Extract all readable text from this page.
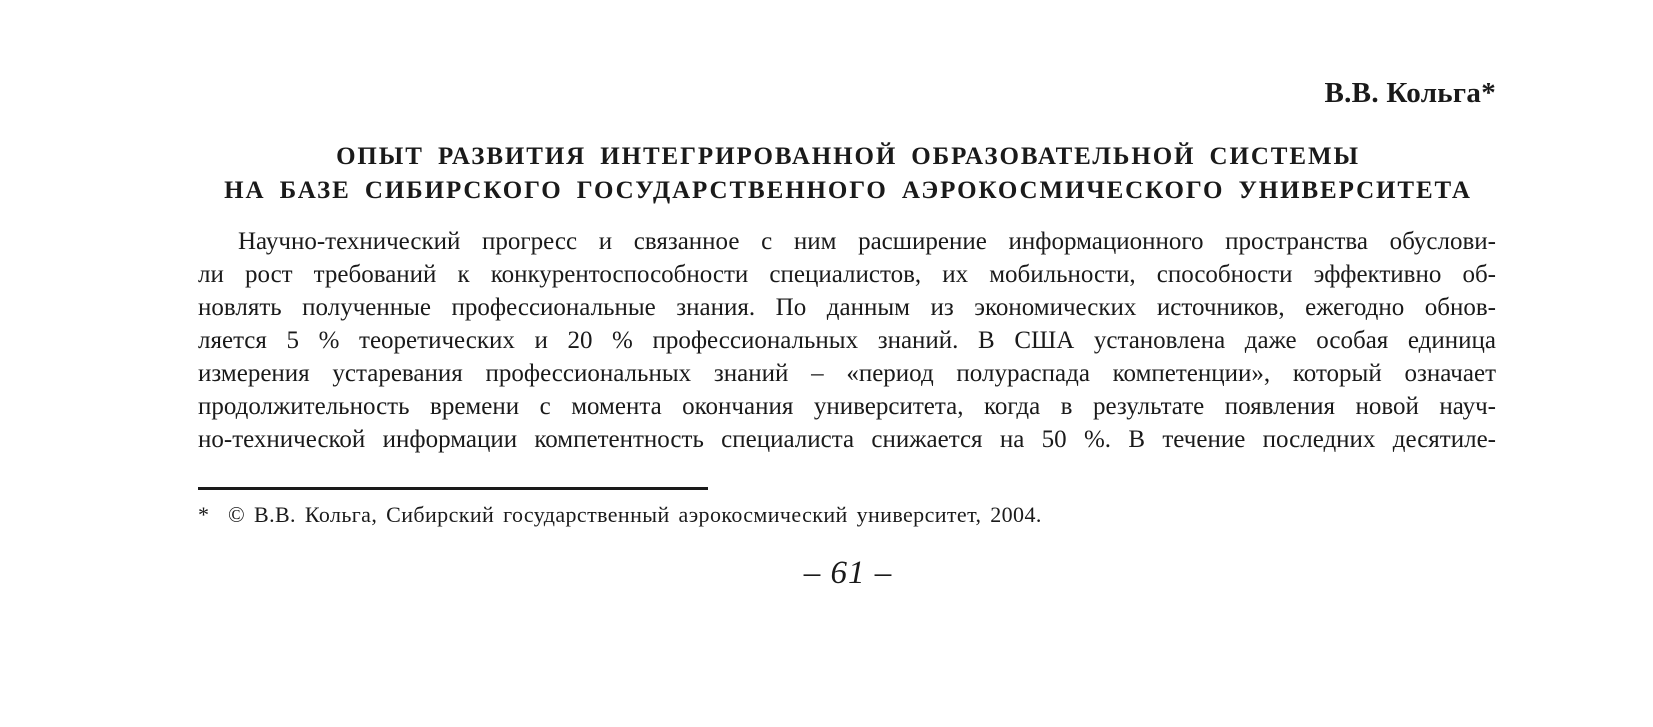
В.В. Кольга*
ОПЫТ РАЗВИТИЯ ИНТЕГРИРОВАННОЙ ОБРАЗОВАТЕЛЬНОЙ СИСТЕМЫ
НА БАЗЕ СИБИРСКОГО ГОСУДАРСТВЕННОГО АЭРОКОСМИЧЕСКОГО УНИВЕРСИТЕТА

Научно-технический прогресс и связанное с ним расширение информационного пространства обуслови-
ли рост требований к конкурентоспособности специалистов, их мобильности, способности эффективно об-
новлять полученные профессиональные знания. По данным из экономических источников, ежегодно обнов-
ляется 5 % теоретических и 20 % профессиональных знаний. В США установлена даже особая единица
измерения устаревания профессиональных знаний – «период полураспада компетенции», который означает
продолжительность времени с момента окончания университета, когда в результате появления новой науч-
но-технической информации компетентность специалиста снижается на 50 %. В течение последних десятиле-

* © В.В. Кольга, Сибирский государственный аэрокосмический университет, 2004.
– 61 –
